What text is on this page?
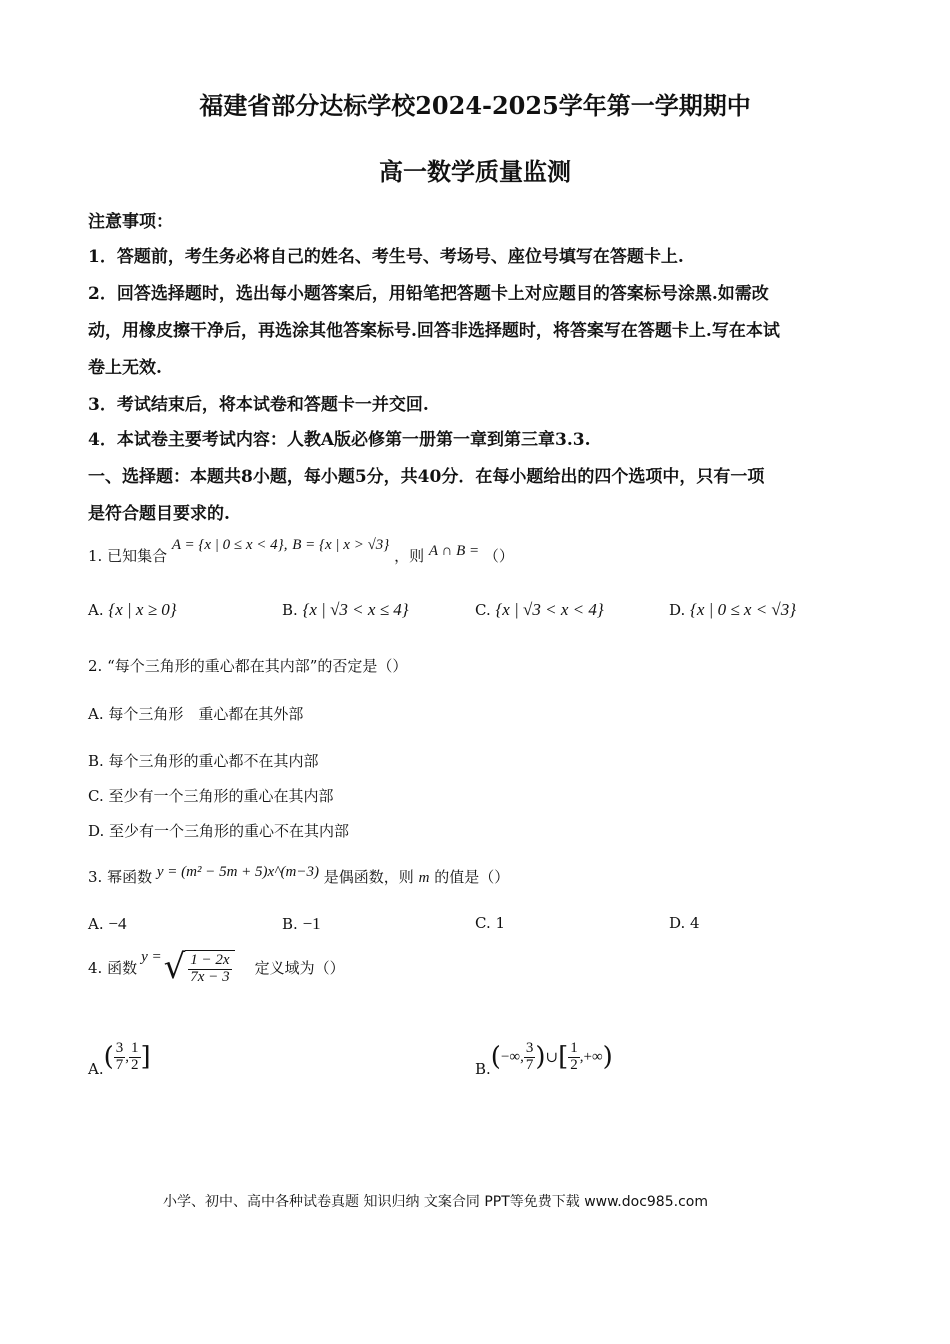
福建省部分达标学校2024-2025学年第一学期期中
高一数学质量监测
注意事项：
1．答题前，考生务必将自己的姓名、考生号、考场号、座位号填写在答题卡上.
2．回答选择题时，选出每小题答案后，用铅笔把答题卡上对应题目的答案标号涂黑.如需改
动，用橡皮擦干净后，再选涂其他答案标号.回答非选择题时，将答案写在答题卡上.写在本试
卷上无效.
3．考试结束后，将本试卷和答题卡一并交回.
4．本试卷主要考试内容：人教A版必修第一册第一章到第三章3.3.
一、选择题：本题共8小题，每小题5分，共40分．在每小题给出的四个选项中，只有一项
是符合题目要求的.
1. 已知集合 A = {x | 0 ≤ x < 4}, B = {x | x > √3} ，则 A ∩ B = （）
A. {x | x ≥ 0}	B. {x | √3 < x ≤ 4}	C. {x | √3 < x < 4}	D. {x | 0 ≤ x < √3}
2. “每个三角形的重心都在其内部”的否定是（）
A. 每个三角形　重心都在其外部
B. 每个三角形的重心都不在其内部
C. 至少有一个三角形的重心在其内部
D. 至少有一个三角形的重心不在其内部
3. 幂函数 y = (m² − 5m + 5)x^(m−3) 是偶函数，则 m 的值是（）
A. −4	B. −1	C. 1	D. 4
4. 函数
y = √ $\frac{1 - 2x}{7x - 3}$ 定义域为（）
A. ( $\frac{3}{7}$ , $\frac{1}{2}$ ]	B. ( −∞, $\frac{3}{7}$ ) ∪ [ $\frac{1}{2}$ ,+∞ )
小学、初中、高中各种试卷真题 知识归纳 文案合同 PPT等免费下载 www.doc985.com
